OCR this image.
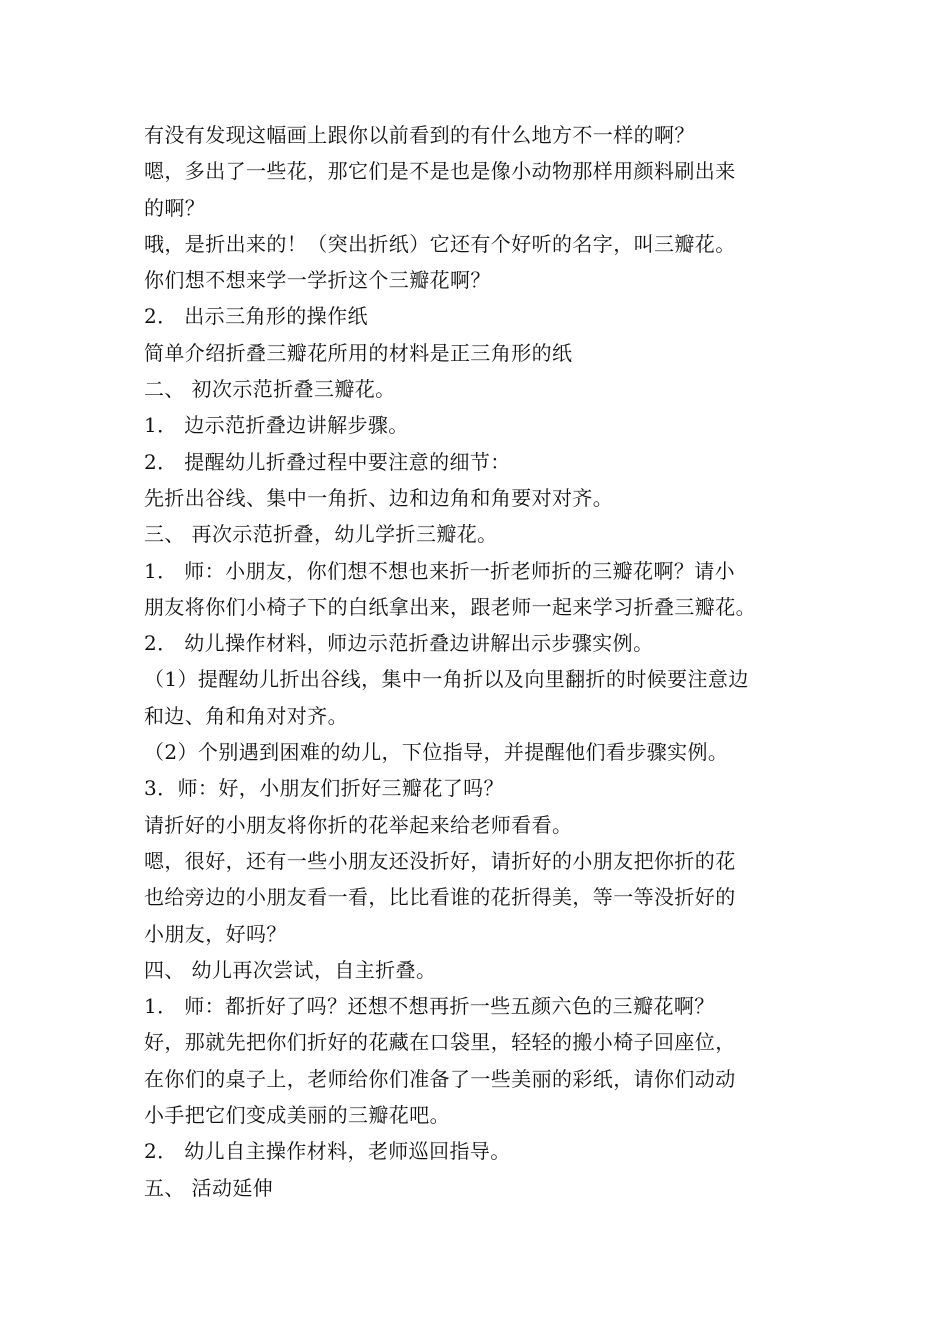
有没有发现这幅画上跟你以前看到的有什么地方不一样的啊？
嗯，多出了一些花，那它们是不是也是像小动物那样用颜料刷出来
的啊？
哦，是折出来的！（突出折纸）它还有个好听的名字，叫三瓣花。
你们想不想来学一学折这个三瓣花啊？
2． 出示三角形的操作纸
简单介绍折叠三瓣花所用的材料是正三角形的纸
二、 初次示范折叠三瓣花。
1． 边示范折叠边讲解步骤。
2． 提醒幼儿折叠过程中要注意的细节：
先折出谷线、集中一角折、边和边角和角要对对齐。
三、 再次示范折叠，幼儿学折三瓣花。
1． 师：小朋友，你们想不想也来折一折老师折的三瓣花啊？请小
朋友将你们小椅子下的白纸拿出来，跟老师一起来学习折叠三瓣花。
2． 幼儿操作材料，师边示范折叠边讲解出示步骤实例。
（1）提醒幼儿折出谷线，集中一角折以及向里翻折的时候要注意边
和边、角和角对对齐。
（2）个别遇到困难的幼儿，下位指导，并提醒他们看步骤实例。
3．师：好，小朋友们折好三瓣花了吗？
请折好的小朋友将你折的花举起来给老师看看。
嗯，很好，还有一些小朋友还没折好，请折好的小朋友把你折的花
也给旁边的小朋友看一看，比比看谁的花折得美，等一等没折好的
小朋友，好吗？
四、 幼儿再次尝试，自主折叠。
1． 师：都折好了吗？还想不想再折一些五颜六色的三瓣花啊？
好，那就先把你们折好的花藏在口袋里，轻轻的搬小椅子回座位，
在你们的桌子上，老师给你们准备了一些美丽的彩纸，请你们动动
小手把它们变成美丽的三瓣花吧。
2． 幼儿自主操作材料，老师巡回指导。
五、 活动延伸
